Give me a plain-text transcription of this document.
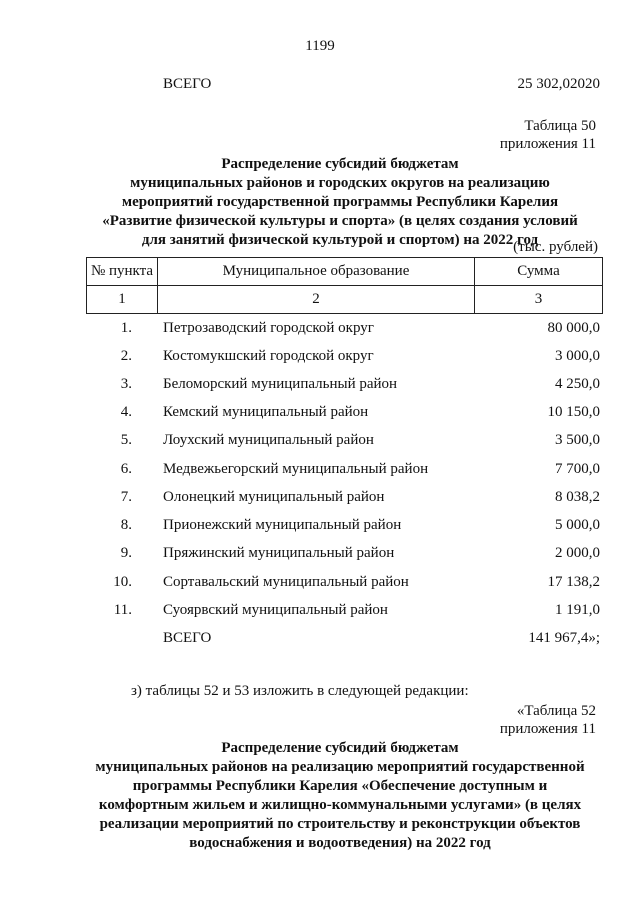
1199
ВСЕГО	25 302,02020
Таблица 50
приложения 11
Распределение субсидий бюджетам
муниципальных районов и городских округов на реализацию
мероприятий государственной программы Республики Карелия
«Развитие физической культуры и спорта» (в целях создания условий
для занятий физической культурой и спортом) на 2022 год
(тыс. рублей)
№ пункта	Муниципальное образование	Сумма
1	2	3
1. Петрозаводский городской округ	80 000,0
2. Костомукшский городской округ	3 000,0
3. Беломорский муниципальный район	4 250,0
4. Кемский муниципальный район	10 150,0
5. Лоухский муниципальный район	3 500,0
6. Медвежьегорский муниципальный район	7 700,0
7. Олонецкий муниципальный район	8 038,2
8. Прионежский муниципальный район	5 000,0
9. Пряжинский муниципальный район	2 000,0
10. Сортавальский муниципальный район	17 138,2
11. Суоярвский муниципальный район	1 191,0
ВСЕГО	141 967,4»;
з) таблицы 52 и 53 изложить в следующей редакции:
«Таблица 52
приложения 11
Распределение субсидий бюджетам
муниципальных районов на реализацию мероприятий государственной
программы Республики Карелия «Обеспечение доступным и
комфортным жильем и жилищно-коммунальными услугами» (в целях
реализации мероприятий по строительству и реконструкции объектов
водоснабжения и водоотведения) на 2022 год
